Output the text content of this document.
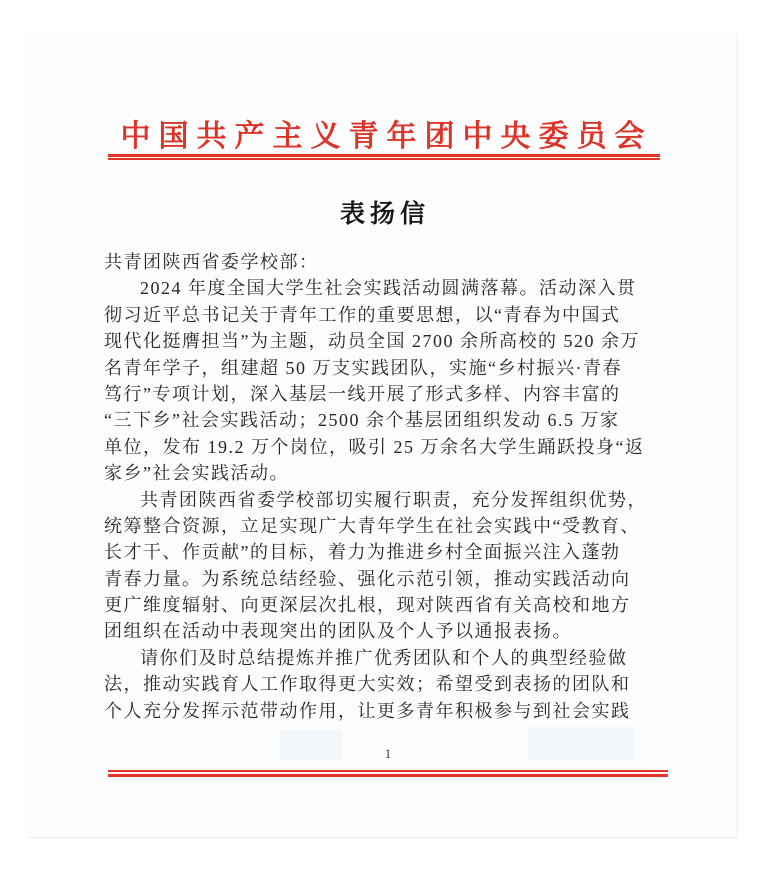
中国共产主义青年团中央委员会
表扬信
共青团陕西省委学校部：
2024 年度全国大学生社会实践活动圆满落幕。活动深入贯
彻习近平总书记关于青年工作的重要思想，以“青春为中国式
现代化挺膺担当”为主题，动员全国 2700 余所高校的 520 余万
名青年学子，组建超 50 万支实践团队，实施“乡村振兴·青春
笃行”专项计划，深入基层一线开展了形式多样、内容丰富的
“三下乡”社会实践活动；2500 余个基层团组织发动 6.5 万家
单位，发布 19.2 万个岗位，吸引 25 万余名大学生踊跃投身“返
家乡”社会实践活动。
共青团陕西省委学校部切实履行职责，充分发挥组织优势，
统筹整合资源，立足实现广大青年学生在社会实践中“受教育、
长才干、作贡献”的目标，着力为推进乡村全面振兴注入蓬勃
青春力量。为系统总结经验、强化示范引领，推动实践活动向
更广维度辐射、向更深层次扎根，现对陕西省有关高校和地方
团组织在活动中表现突出的团队及个人予以通报表扬。
请你们及时总结提炼并推广优秀团队和个人的典型经验做
法，推动实践育人工作取得更大实效；希望受到表扬的团队和
个人充分发挥示范带动作用，让更多青年积极参与到社会实践
1
